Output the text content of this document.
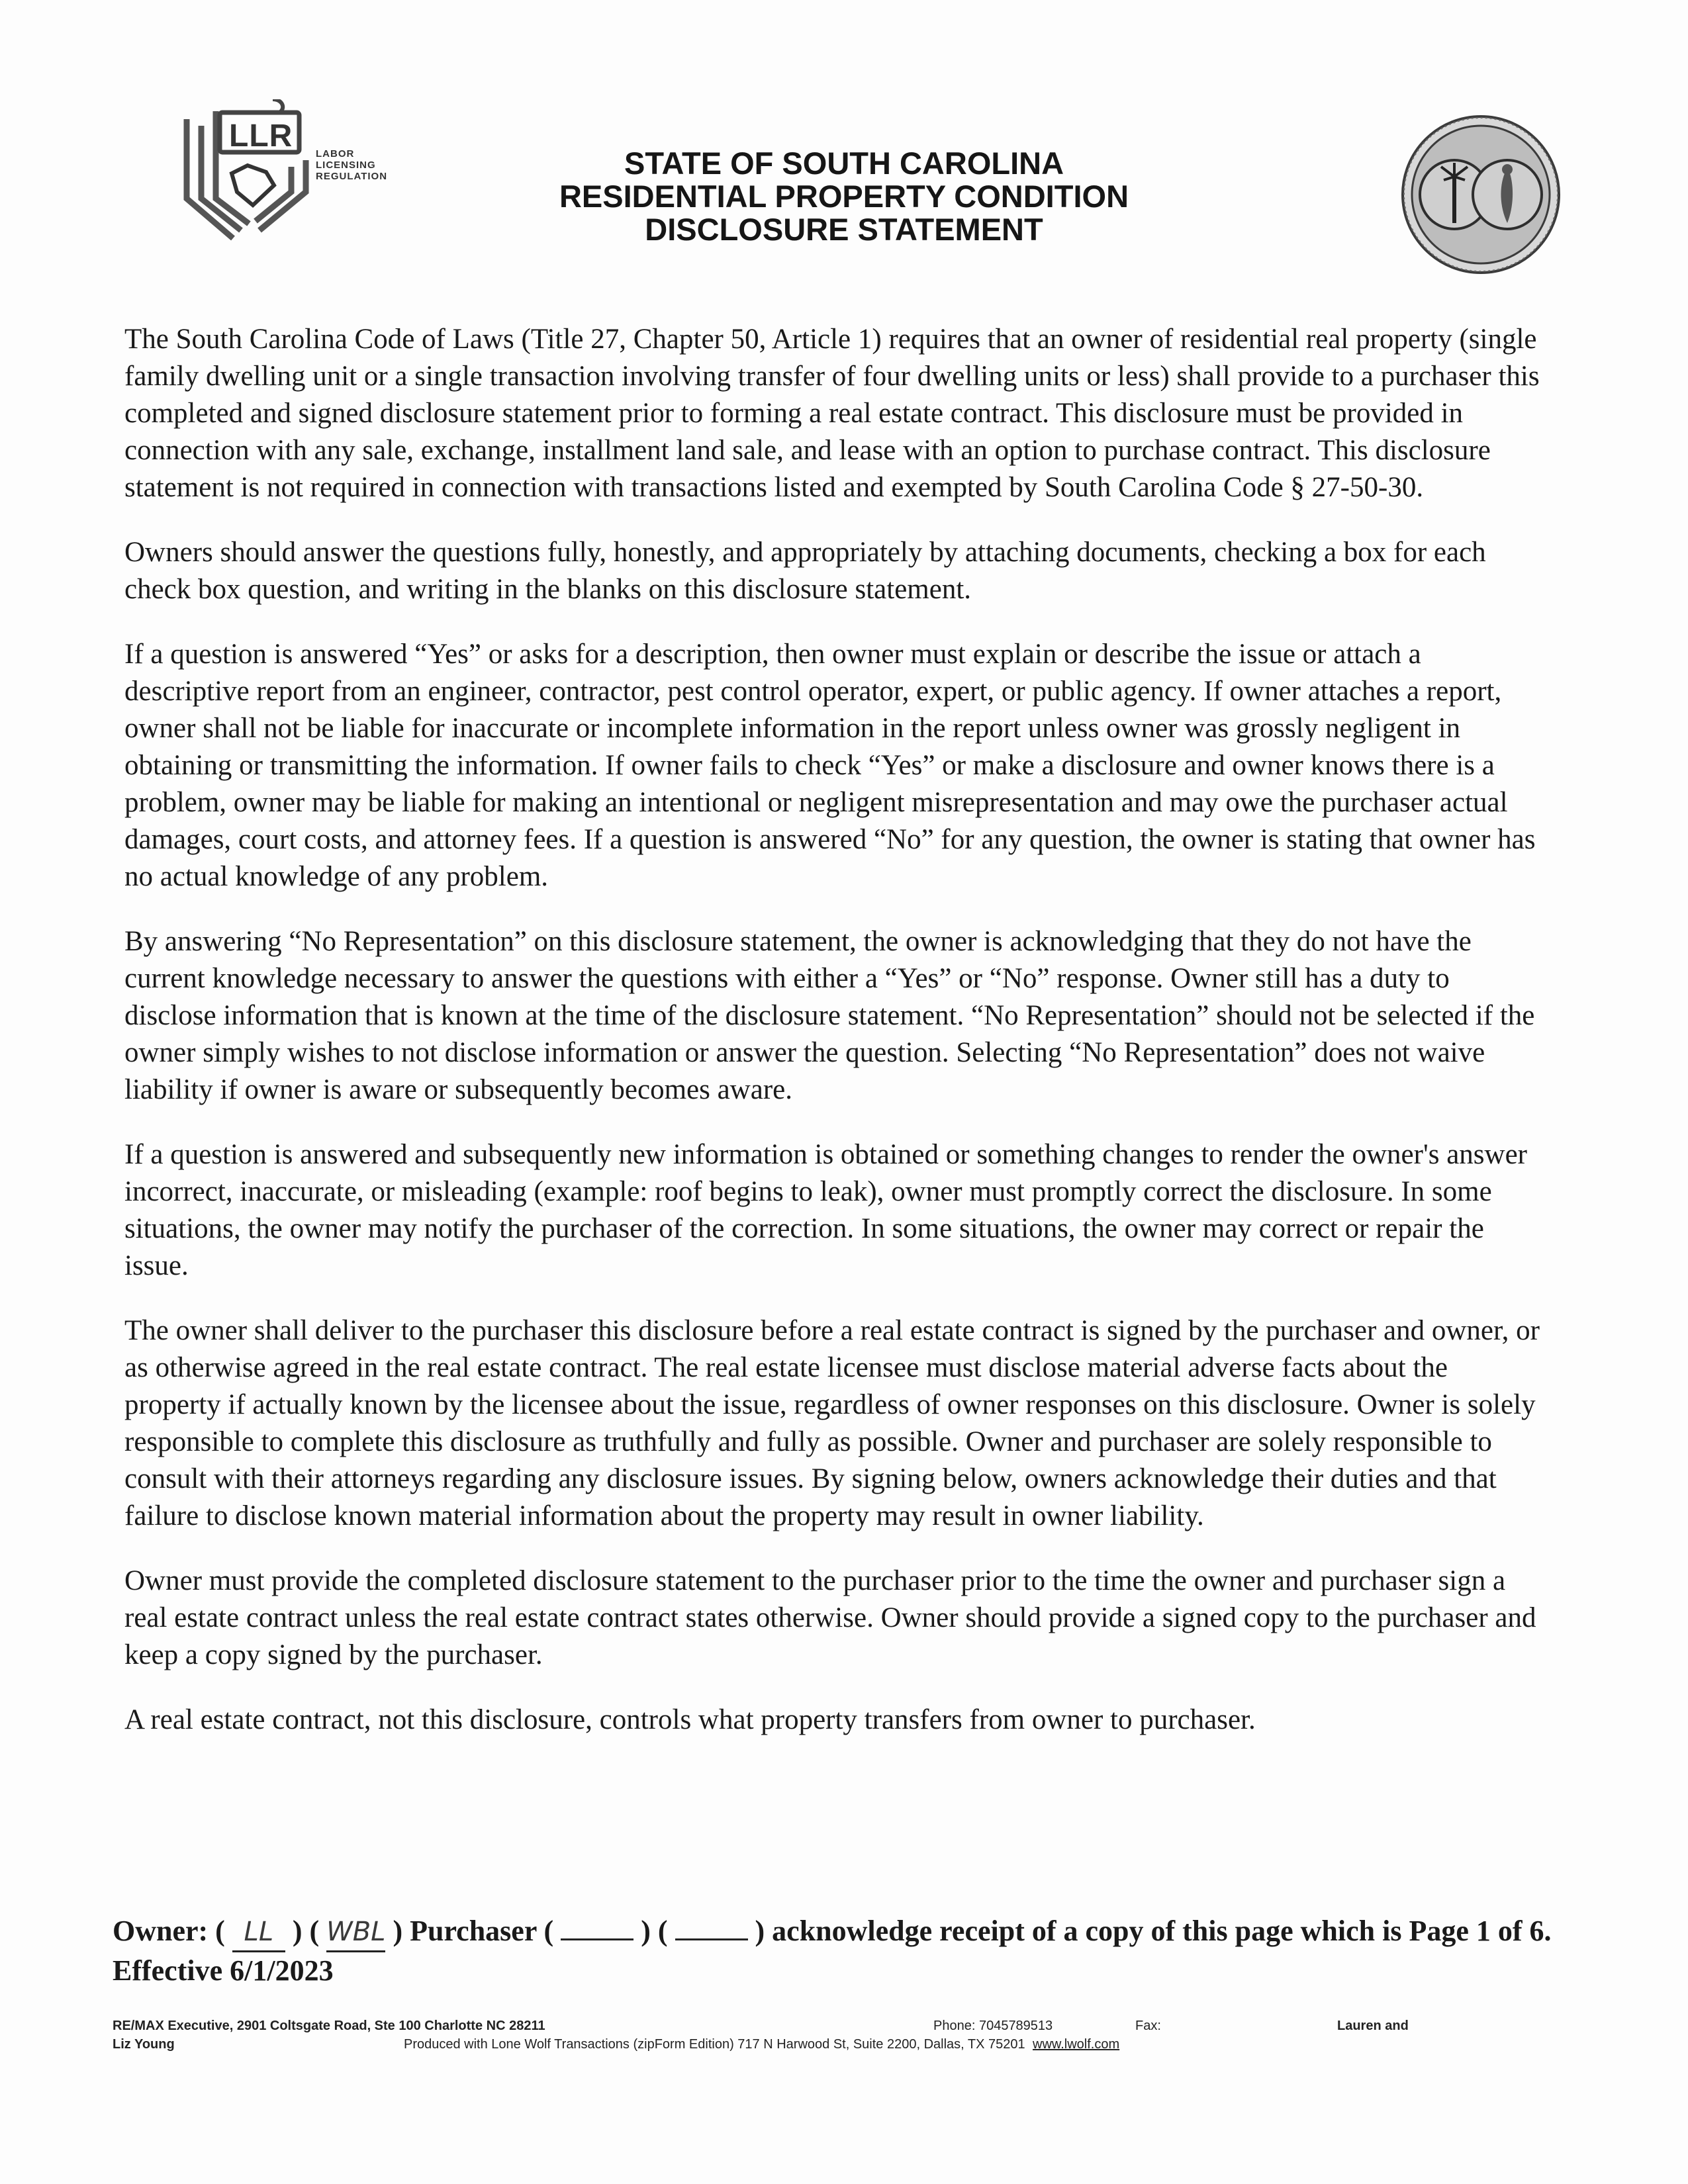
LLR
LABOR
LICENSING
REGULATION	STATE OF SOUTH CAROLINA
RESIDENTIAL PROPERTY CONDITION
DISCLOSURE STATEMENT

The South Carolina Code of Laws (Title 27, Chapter 50, Article 1) requires that an owner of residential real property (single family dwelling unit or a single transaction involving transfer of four dwelling units or less) shall provide to a purchaser this completed and signed disclosure statement prior to forming a real estate contract. This disclosure must be provided in connection with any sale, exchange, installment land sale, and lease with an option to purchase contract. This disclosure statement is not required in connection with transactions listed and exempted by South Carolina Code § 27-50-30.

Owners should answer the questions fully, honestly, and appropriately by attaching documents, checking a box for each check box question, and writing in the blanks on this disclosure statement.

If a question is answered “Yes” or asks for a description, then owner must explain or describe the issue or attach a descriptive report from an engineer, contractor, pest control operator, expert, or public agency. If owner attaches a report, owner shall not be liable for inaccurate or incomplete information in the report unless owner was grossly negligent in obtaining or transmitting the information. If owner fails to check “Yes” or make a disclosure and owner knows there is a problem, owner may be liable for making an intentional or negligent misrepresentation and may owe the purchaser actual damages, court costs, and attorney fees. If a question is answered “No” for any question, the owner is stating that owner has no actual knowledge of any problem.

By answering “No Representation” on this disclosure statement, the owner is acknowledging that they do not have the current knowledge necessary to answer the questions with either a “Yes” or “No” response. Owner still has a duty to disclose information that is known at the time of the disclosure statement. “No Representation” should not be selected if the owner simply wishes to not disclose information or answer the question. Selecting “No Representation” does not waive liability if owner is aware or subsequently becomes aware.

If a question is answered and subsequently new information is obtained or something changes to render the owner's answer incorrect, inaccurate, or misleading (example: roof begins to leak), owner must promptly correct the disclosure. In some situations, the owner may notify the purchaser of the correction. In some situations, the owner may correct or repair the issue.

The owner shall deliver to the purchaser this disclosure before a real estate contract is signed by the purchaser and owner, or as otherwise agreed in the real estate contract. The real estate licensee must disclose material adverse facts about the property if actually known by the licensee about the issue, regardless of owner responses on this disclosure. Owner is solely responsible to complete this disclosure as truthfully and fully as possible. Owner and purchaser are solely responsible to consult with their attorneys regarding any disclosure issues. By signing below, owners acknowledge their duties and that failure to disclose known material information about the property may result in owner liability.

Owner must provide the completed disclosure statement to the purchaser prior to the time the owner and purchaser sign a real estate contract unless the real estate contract states otherwise. Owner should provide a signed copy to the purchaser and keep a copy signed by the purchaser.

A real estate contract, not this disclosure, controls what property transfers from owner to purchaser.

Owner: ( LL ) ( WBL ) Purchaser (	) (	) acknowledge receipt of a copy of this page which is Page 1 of 6.
Effective 6/1/2023
RE/MAX Executive, 2901 Coltsgate Road, Ste 100 Charlotte NC 28211	Phone: 7045789513	Fax:	Lauren and
Liz Young	Produced with Lone Wolf Transactions (zipForm Edition) 717 N Harwood St, Suite 2200, Dallas, TX 75201 www.lwolf.com
